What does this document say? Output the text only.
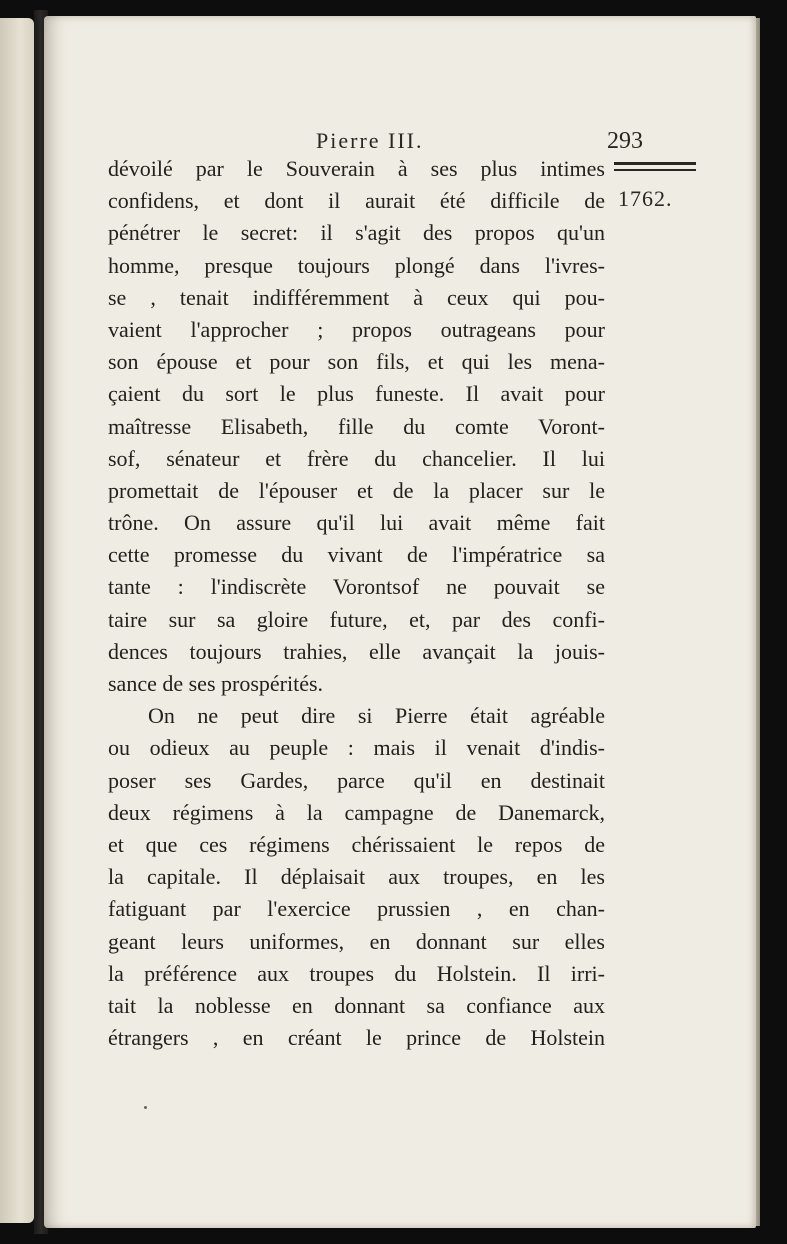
Pierre III.	293
1762.
dévoilé par le Souverain à ses plus intimes
confidens, et dont il aurait été difficile de
pénétrer le secret: il s'agit des propos qu'un
homme, presque toujours plongé dans l'ivres-
se , tenait indifféremment à ceux qui pou-
vaient l'approcher ; propos outrageans pour
son épouse et pour son fils, et qui les mena-
çaient du sort le plus funeste. Il avait pour
maîtresse Elisabeth, fille du comte Voront-
sof, sénateur et frère du chancelier. Il lui
promettait de l'épouser et de la placer sur le
trône. On assure qu'il lui avait même fait
cette promesse du vivant de l'impératrice sa
tante : l'indiscrète Vorontsof ne pouvait se
taire sur sa gloire future, et, par des confi-
dences toujours trahies, elle avançait la jouis-
sance de ses prospérités.
On ne peut dire si Pierre était agréable
ou odieux au peuple : mais il venait d'indis-
poser ses Gardes, parce qu'il en destinait
deux régimens à la campagne de Danemarck,
et que ces régimens chérissaient le repos de
la capitale. Il déplaisait aux troupes, en les
fatiguant par l'exercice prussien , en chan-
geant leurs uniformes, en donnant sur elles
la préférence aux troupes du Holstein. Il irri-
tait la noblesse en donnant sa confiance aux
étrangers , en créant le prince de Holstein
